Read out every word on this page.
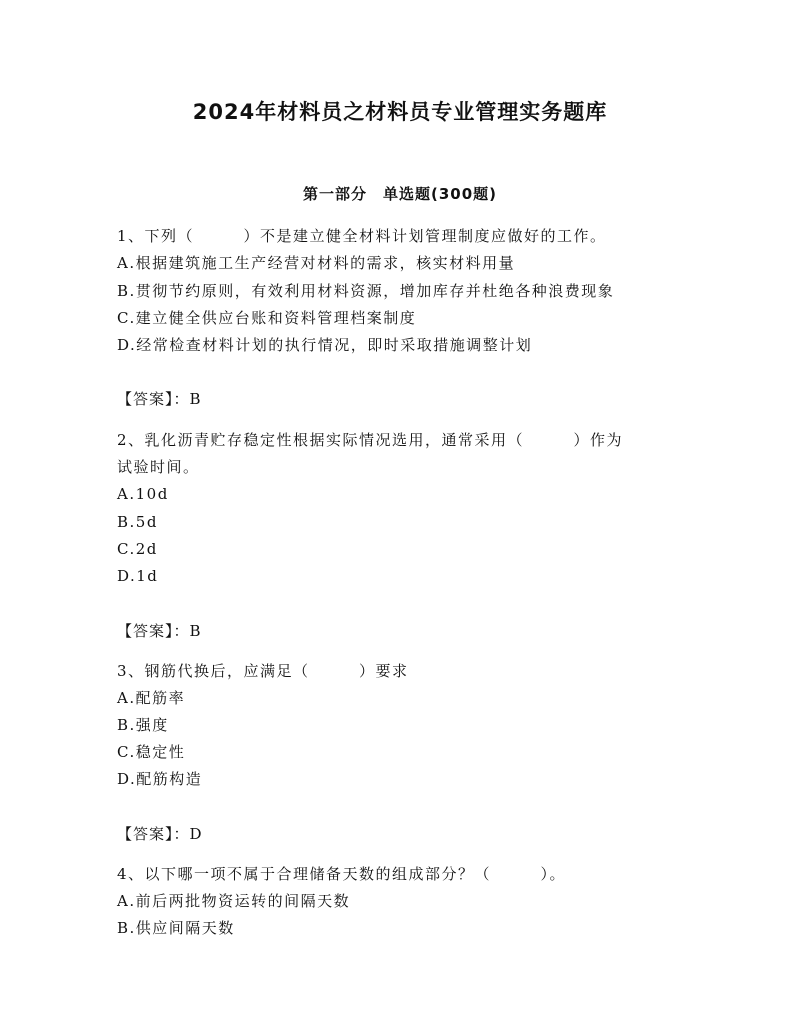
2024年材料员之材料员专业管理实务题库
第一部分　单选题(300题)
1、下列（　　　）不是建立健全材料计划管理制度应做好的工作。
A.根据建筑施工生产经营对材料的需求，核实材料用量
B.贯彻节约原则，有效利用材料资源，增加库存并杜绝各种浪费现象
C.建立健全供应台账和资料管理档案制度
D.经常检查材料计划的执行情况，即时采取措施调整计划
【答案】：B
2、乳化沥青贮存稳定性根据实际情况选用，通常采用（　　　）作为
试验时间。
A.10d
B.5d
C.2d
D.1d
【答案】：B
3、钢筋代换后，应满足（　　　）要求
A.配筋率
B.强度
C.稳定性
D.配筋构造
【答案】：D
4、以下哪一项不属于合理储备天数的组成部分？（　　　）。
A.前后两批物资运转的间隔天数
B.供应间隔天数
